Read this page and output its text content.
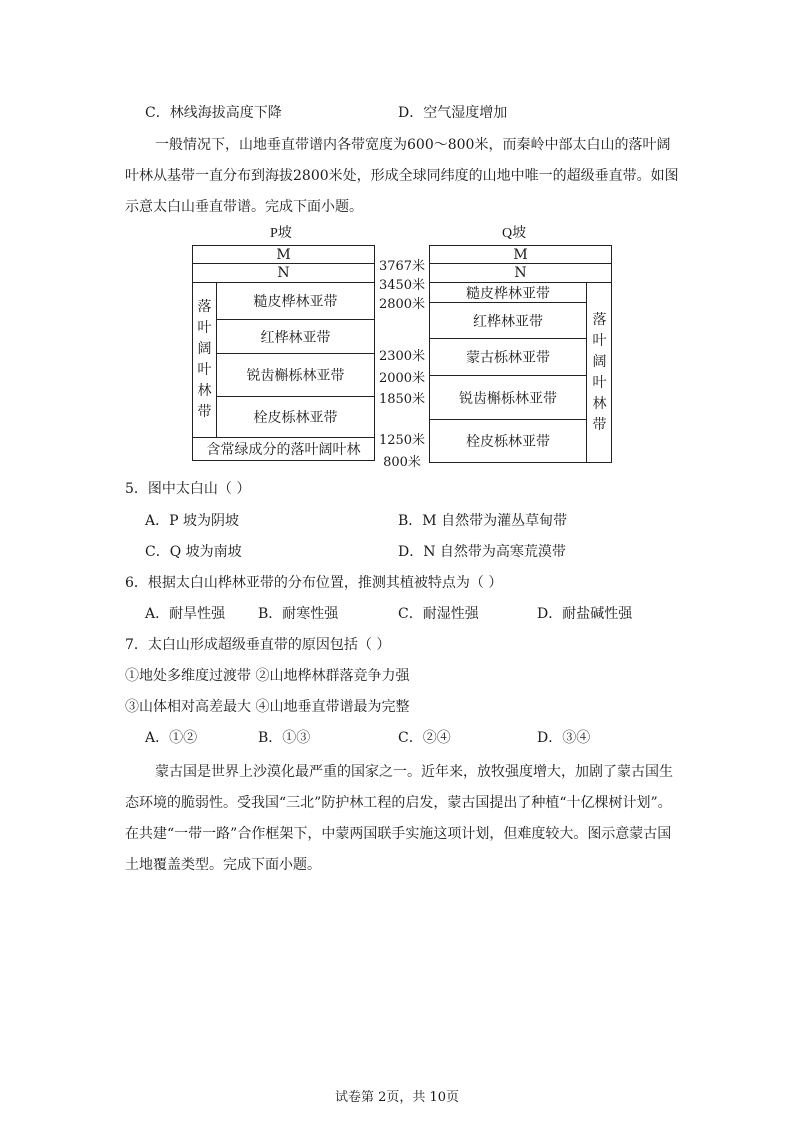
C．林线海拔高度下降	D．空气湿度增加
一般情况下，山地垂直带谱内各带宽度为600～800米，而秦岭中部太白山的落叶阔
叶林从基带一直分布到海拔2800米处，形成全球同纬度的山地中唯一的超级垂直带。如图
示意太白山垂直带谱。完成下面小题。
P坡	Q坡
M
N
落
叶
阔
叶
林
带
糙皮桦林亚带
红桦林亚带
锐齿槲栎林亚带
栓皮栎林亚带
含常绿成分的落叶阔叶林
3767米
3450米
2800米
2300米
2000米
1850米
1250米
800米
M
N
糙皮桦林亚带
红桦林亚带
蒙古栎林亚带
锐齿槲栎林亚带
栓皮栎林亚带
落
叶
阔
叶
林
带
5．图中太白山（ ）
A．P 坡为阴坡	B．M 自然带为灌丛草甸带
C．Q 坡为南坡	D．N 自然带为高寒荒漠带
6．根据太白山桦林亚带的分布位置，推测其植被特点为（ ）
A．耐旱性强 B．耐寒性强	C．耐湿性强	D．耐盐碱性强
7．太白山形成超级垂直带的原因包括（ ）
①地处多维度过渡带 ②山地桦林群落竞争力强
③山体相对高差最大 ④山地垂直带谱最为完整
A．①②	B．①③	C．②④	D．③④
蒙古国是世界上沙漠化最严重的国家之一。近年来，放牧强度增大，加剧了蒙古国生
态环境的脆弱性。受我国“三北”防护林工程的启发，蒙古国提出了种植“十亿棵树计划”。
在共建“一带一路”合作框架下，中蒙两国联手实施这项计划，但难度较大。图示意蒙古国
土地覆盖类型。完成下面小题。
试卷第 2页，共 10页
